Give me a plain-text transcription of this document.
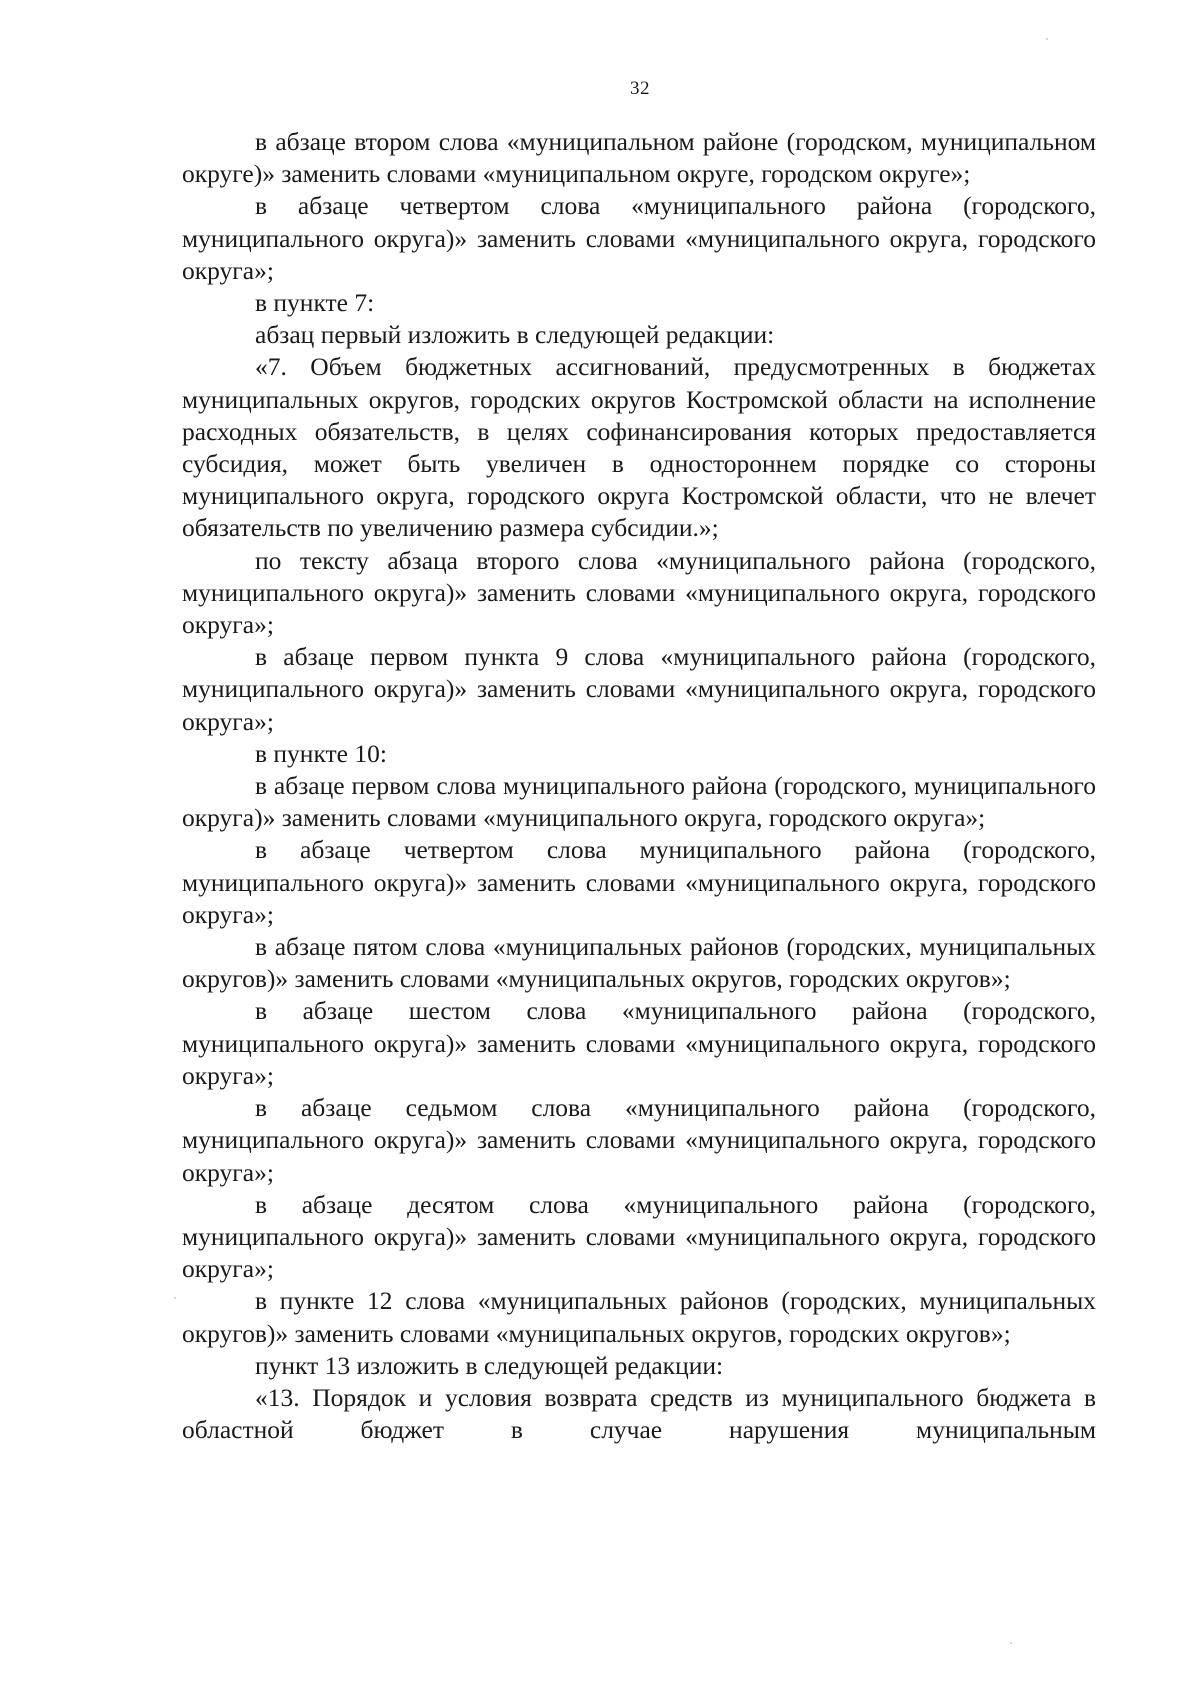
32

в абзаце втором слова «муниципальном районе (городском, муниципальном округе)» заменить словами «муниципальном округе, городском округе»;

в абзаце четвертом слова «муниципального района (городского, муниципального округа)» заменить словами «муниципального округа, городского округа»;

в пункте 7:

абзац первый изложить в следующей редакции:

«7. Объем бюджетных ассигнований, предусмотренных в бюджетах муниципальных округов, городских округов Костромской области на исполнение расходных обязательств, в целях софинансирования которых предоставляется субсидия, может быть увеличен в одностороннем порядке со стороны муниципального округа, городского округа Костромской области, что не влечет обязательств по увеличению размера субсидии.»;

по тексту абзаца второго слова «муниципального района (городского, муниципального округа)» заменить словами «муниципального округа, городского округа»;

в абзаце первом пункта 9 слова «муниципального района (городского, муниципального округа)» заменить словами «муниципального округа, городского округа»;

в пункте 10:

в абзаце первом слова муниципального района (городского, муниципального округа)» заменить словами «муниципального округа, городского округа»;

в абзаце четвертом слова муниципального района (городского, муниципального округа)» заменить словами «муниципального округа, городского округа»;

в абзаце пятом слова «муниципальных районов (городских, муниципальных округов)» заменить словами «муниципальных округов, городских округов»;

в абзаце шестом слова «муниципального района (городского, муниципального округа)» заменить словами «муниципального округа, городского округа»;

в абзаце седьмом слова «муниципального района (городского, муниципального округа)» заменить словами «муниципального округа, городского округа»;

в абзаце десятом слова «муниципального района (городского, муниципального округа)» заменить словами «муниципального округа, городского округа»;

в пункте 12 слова «муниципальных районов (городских, муниципальных округов)» заменить словами «муниципальных округов, городских округов»;

пункт 13 изложить в следующей редакции:

«13. Порядок и условия возврата средств из муниципального бюджета в областной бюджет в случае нарушения муниципальным
